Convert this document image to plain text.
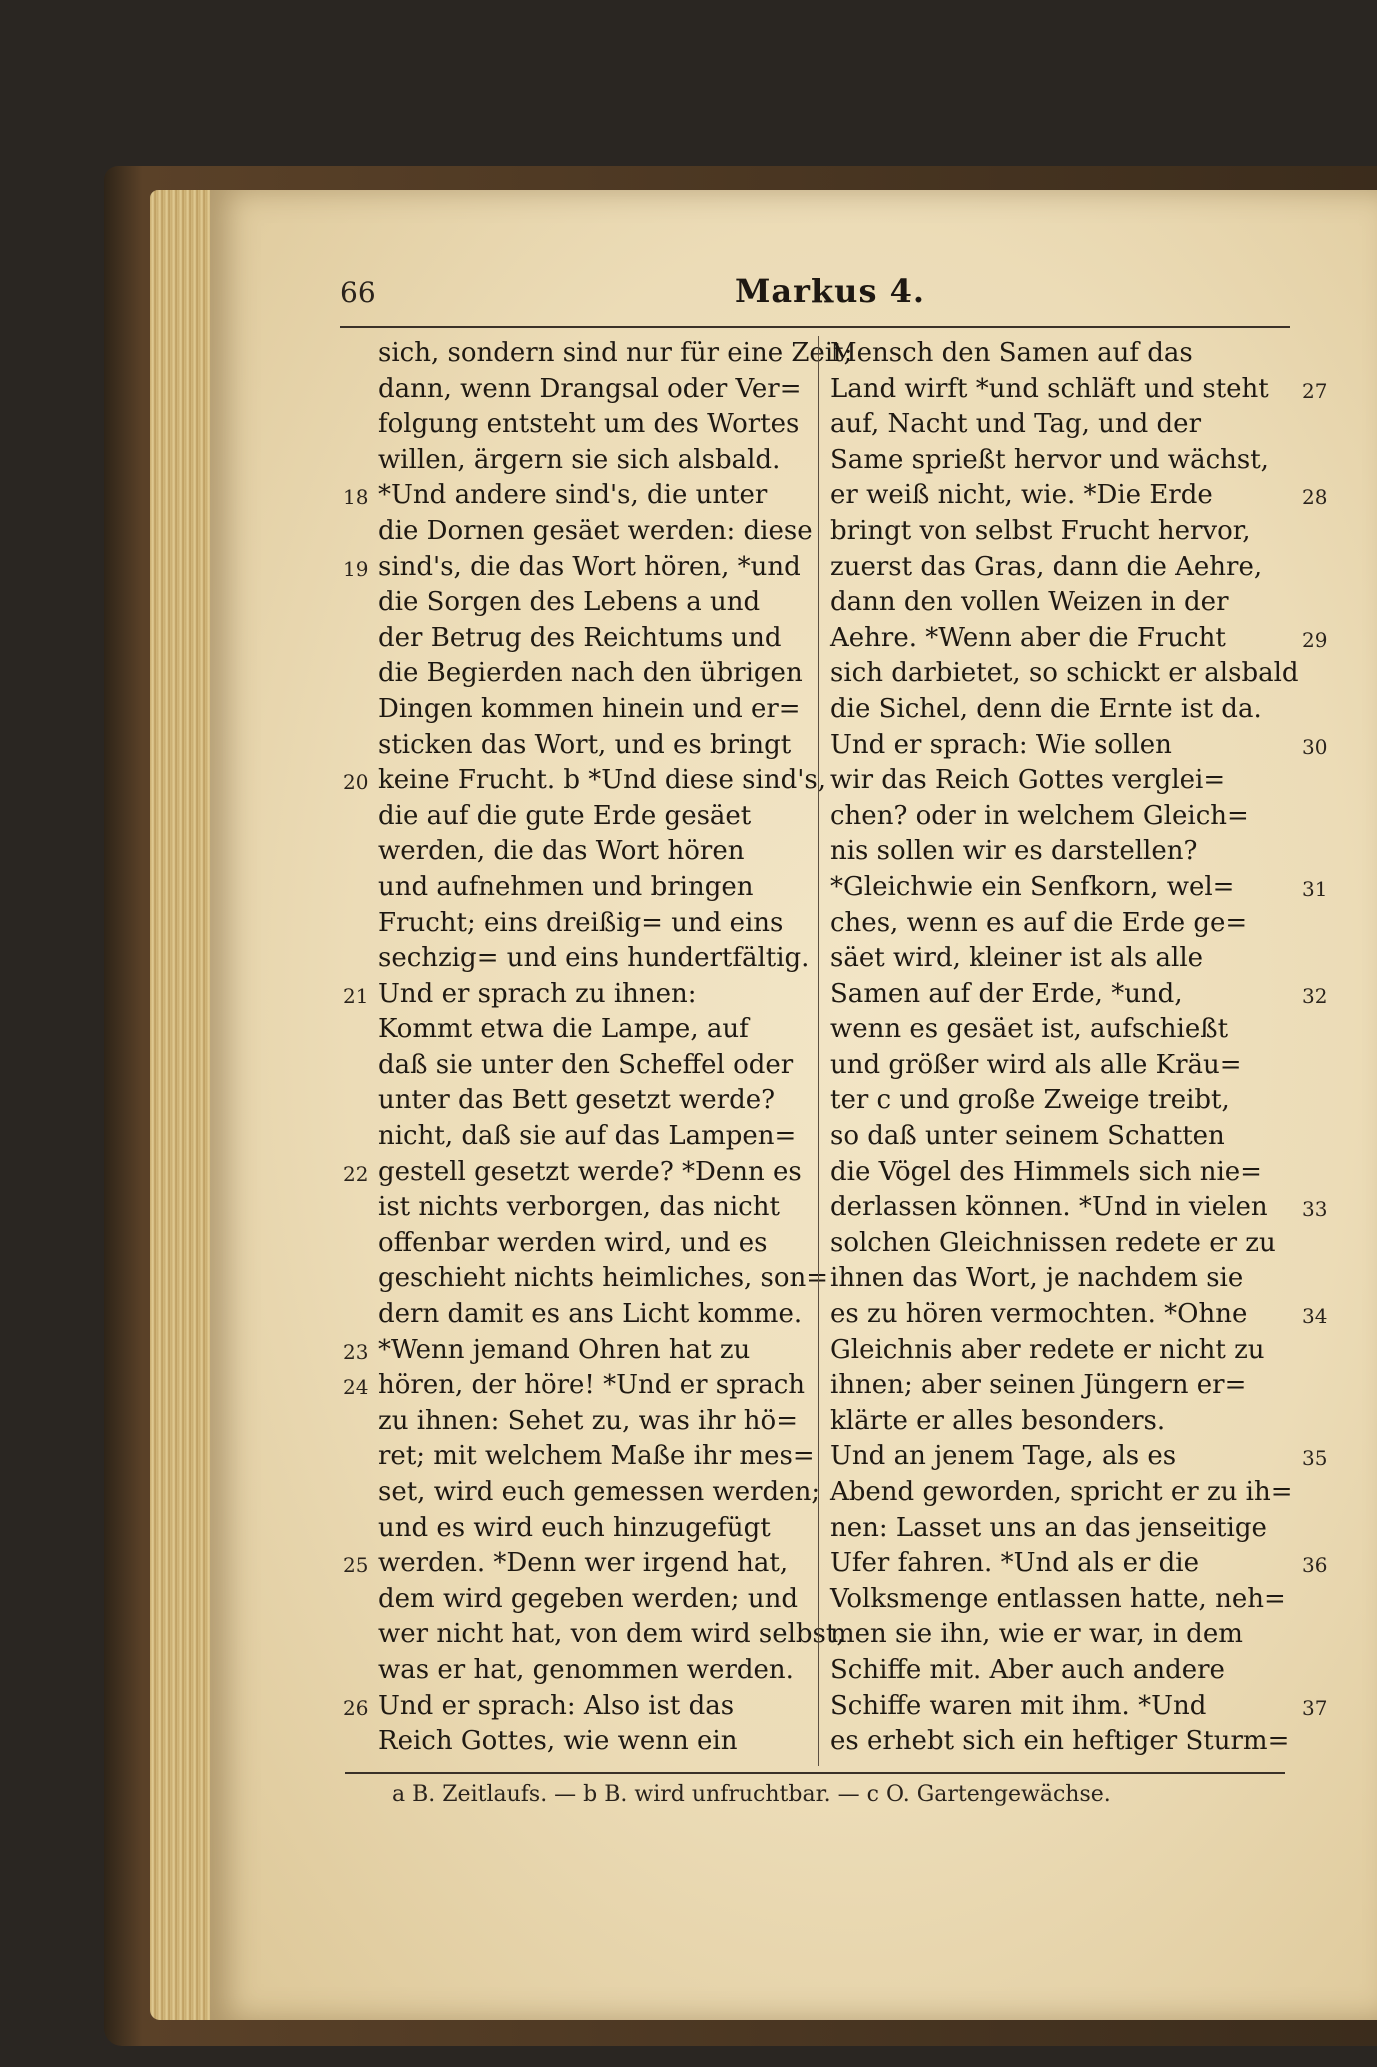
66	Markus 4.
sich, sondern sind nur für eine Zeit;
dann, wenn Drangsal oder Ver=
folgung entsteht um des Wortes
willen, ärgern sie sich alsbald.
18 *Und andere sind's, die unter
die Dornen gesäet werden: diese
19 sind's, die das Wort hören, *und
die Sorgen des Lebens a und
der Betrug des Reichtums und
die Begierden nach den übrigen
Dingen kommen hinein und er=
sticken das Wort, und es bringt
20 keine Frucht. b *Und diese sind's,
die auf die gute Erde gesäet
werden, die das Wort hören
und aufnehmen und bringen
Frucht; eins dreißig= und eins
sechzig= und eins hundertfältig.
21 Und er sprach zu ihnen:
Kommt etwa die Lampe, auf
daß sie unter den Scheffel oder
unter das Bett gesetzt werde?
nicht, daß sie auf das Lampen=
22 gestell gesetzt werde? *Denn es
ist nichts verborgen, das nicht
offenbar werden wird, und es
geschieht nichts heimliches, son=
dern damit es ans Licht komme.
23 *Wenn jemand Ohren hat zu
24 hören, der höre! *Und er sprach
zu ihnen: Sehet zu, was ihr hö=
ret; mit welchem Maße ihr mes=
set, wird euch gemessen werden;
und es wird euch hinzugefügt
25 werden. *Denn wer irgend hat,
dem wird gegeben werden; und
wer nicht hat, von dem wird selbst,
was er hat, genommen werden.
26 Und er sprach: Also ist das
Reich Gottes, wie wenn ein
Mensch den Samen auf das
27
Land wirft *und schläft und steht
auf, Nacht und Tag, und der
Same sprießt hervor und wächst,
28
er weiß nicht, wie. *Die Erde
bringt von selbst Frucht hervor,
zuerst das Gras, dann die Aehre,
dann den vollen Weizen in der
29
Aehre. *Wenn aber die Frucht
sich darbietet, so schickt er alsbald
die Sichel, denn die Ernte ist da.
30
Und er sprach: Wie sollen
wir das Reich Gottes verglei=
chen? oder in welchem Gleich=
nis sollen wir es darstellen?
31
*Gleichwie ein Senfkorn, wel=
ches, wenn es auf die Erde ge=
säet wird, kleiner ist als alle
32
Samen auf der Erde, *und,
wenn es gesäet ist, aufschießt
und größer wird als alle Kräu=
ter c und große Zweige treibt,
so daß unter seinem Schatten
die Vögel des Himmels sich nie=
33
derlassen können. *Und in vielen
solchen Gleichnissen redete er zu
ihnen das Wort, je nachdem sie
34
es zu hören vermochten. *Ohne
Gleichnis aber redete er nicht zu
ihnen; aber seinen Jüngern er=
klärte er alles besonders.
35
Und an jenem Tage, als es
Abend geworden, spricht er zu ih=
nen: Lasset uns an das jenseitige
36
Ufer fahren. *Und als er die
Volksmenge entlassen hatte, neh=
men sie ihn, wie er war, in dem
Schiffe mit. Aber auch andere
37
Schiffe waren mit ihm. *Und
es erhebt sich ein heftiger Sturm=
a B. Zeitlaufs. — b B. wird unfruchtbar. — c O. Gartengewächse.
